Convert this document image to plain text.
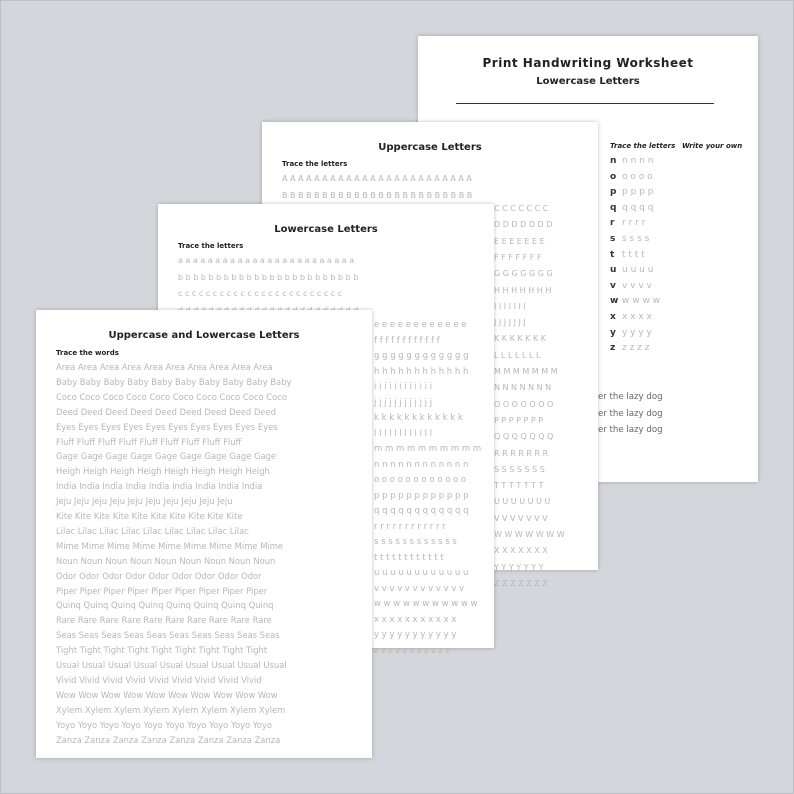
Print Handwriting Worksheet
Lowercase Letters
Trace the letters Write your own
n
o
p
q
r
s
t
u
v
w
x
y
z
n n n n
o o o o
p p p p
q q q q
r r r r
s s s s
t t t t
u u u u
v v v v
w w w w
x x x x
y y y y
z z z z
er the lazy dog
er the lazy dog
er the lazy dog
Uppercase Letters
Trace the letters
A A A A A A A A A A A A A A A A A A A A A A A A
B B B B B B B B B B B B B B B B B B B B B B B B
C C C C C C C
D D D D D D D
E E E E E E E
F F F F F F F
G G G G G G G
H H H H H H H
I I I I I I I
J J J J J J J
K K K K K K K
L L L L L L L
M M M M M M M
N N N N N N N
O O O O O O O
P P P P P P P
Q Q Q Q Q Q Q
R R R R R R R
S S S S S S S
T T T T T T T
U U U U U U U
V V V V V V V
W W W W W W W
X X X X X X X
Y Y Y Y Y Y Y
Z Z Z Z Z Z Z
Lowercase Letters
Trace the letters
a a a a a a a a a a a a a a a a a a a a a a a a
b b b b b b b b b b b b b b b b b b b b b b b b
c c c c c c c c c c c c c c c c c c c c c c c c
e e e e e e e e e e e e
f f f f f f f f f f f f
g g g g g g g g g g g g
h h h h h h h h h h h h
i i i i i i i i i i i i
j j j j j j j j j j j j
k k k k k k k k k k k k
l l l l l l l l l l l l
m m m m m m m m m m
n n n n n n n n n n n n
o o o o o o o o o o o o
p p p p p p p p p p p p
q q q q q q q q q q q q
r r r r r r r r r r r r
s s s s s s s s s s s s
t t t t t t t t t t t t
u u u u u u u u u u u u
v v v v v v v v v v v v
w w w w w w w w w w w
x x x x x x x x x x x
y y y y y y y y y y y
z z z z z z z z z z z
Uppercase and Lowercase Letters
Trace the words
Area Area Area Area Area Area Area Area Area Area
Baby Baby Baby Baby Baby Baby Baby Baby Baby Baby
Coco Coco Coco Coco Coco Coco Coco Coco Coco Coco
Deed Deed Deed Deed Deed Deed Deed Deed Deed
Eyes Eyes Eyes Eyes Eyes Eyes Eyes Eyes Eyes Eyes
Fluff Fluff Fluff Fluff Fluff Fluff Fluff Fluff Fluff
Gage Gage Gage Gage Gage Gage Gage Gage Gage
Heigh Heigh Heigh Heigh Heigh Heigh Heigh Heigh
India India India India India India India India India
Jeju Jeju Jeju Jeju Jeju Jeju Jeju Jeju Jeju Jeju
Kite Kite Kite Kite Kite Kite Kite Kite Kite Kite
Lilac Lilac Lilac Lilac Lilac Lilac Lilac Lilac Lilac
Mime Mime Mime Mime Mime Mime Mime Mime Mime
Noun Noun Noun Noun Noun Noun Noun Noun Noun
Odor Odor Odor Odor Odor Odor Odor Odor Odor
Piper Piper Piper Piper Piper Piper Piper Piper Piper
Quinq Quinq Quinq Quinq Quinq Quinq Quinq Quinq
Rare Rare Rare Rare Rare Rare Rare Rare Rare Rare
Seas Seas Seas Seas Seas Seas Seas Seas Seas Seas
Tight Tight Tight Tight Tight Tight Tight Tight Tight
Usual Usual Usual Usual Usual Usual Usual Usual Usual
Vivid Vivid Vivid Vivid Vivid Vivid Vivid Vivid Vivid
Wow Wow Wow Wow Wow Wow Wow Wow Wow Wow
Xylem Xylem Xylem Xylem Xylem Xylem Xylem Xylem
Yoyo Yoyo Yoyo Yoyo Yoyo Yoyo Yoyo Yoyo Yoyo Yoyo
Zanza Zanza Zanza Zanza Zanza Zanza Zanza Zanza
